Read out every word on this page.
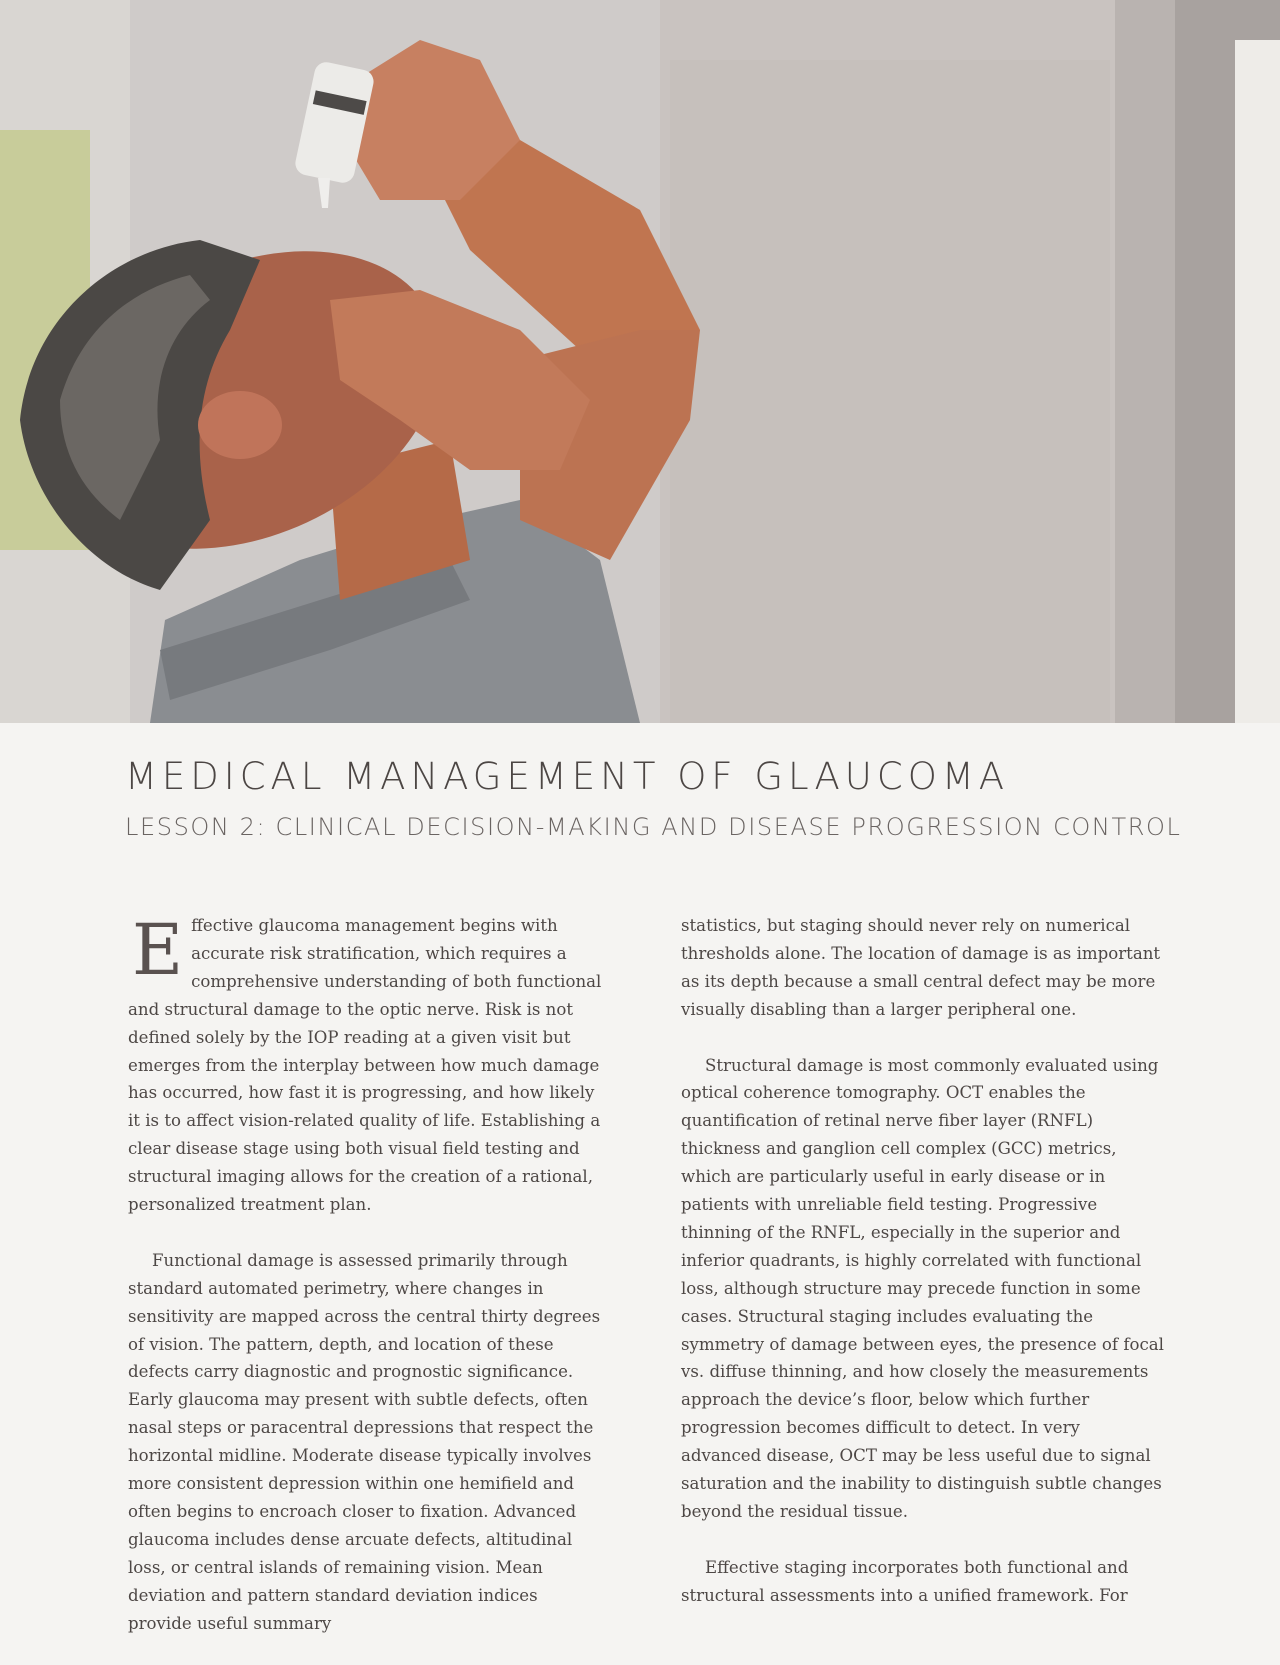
MEDICAL MANAGEMENT OF GLAUCOMA
LESSON 2: CLINICAL DECISION-MAKING AND DISEASE PROGRESSION CONTROL

Effective glaucoma management begins with accurate risk stratification, which requires a comprehensive understanding of both functional and structural damage to the optic nerve. Risk is not defined solely by the IOP reading at a given visit but emerges from the interplay between how much damage has occurred, how fast it is progressing, and how likely it is to affect vision-related quality of life. Establishing a clear disease stage using both visual field testing and structural imaging allows for the creation of a rational, personalized treatment plan.

Functional damage is assessed primarily through standard automated perimetry, where changes in sensitivity are mapped across the central thirty degrees of vision. The pattern, depth, and location of these defects carry diagnostic and prognostic significance. Early glaucoma may present with subtle defects, often nasal steps or paracentral depressions that respect the horizontal midline. Moderate disease typically involves more consistent depression within one hemifield and often begins to encroach closer to fixation. Advanced glaucoma includes dense arcuate defects, altitudinal loss, or central islands of remaining vision. Mean deviation and pattern standard deviation indices provide useful summary

statistics, but staging should never rely on numerical thresholds alone. The location of damage is as important as its depth because a small central defect may be more visually disabling than a larger peripheral one.

Structural damage is most commonly evaluated using optical coherence tomography. OCT enables the quantification of retinal nerve fiber layer (RNFL) thickness and ganglion cell complex (GCC) metrics, which are particularly useful in early disease or in patients with unreliable field testing. Progressive thinning of the RNFL, especially in the superior and inferior quadrants, is highly correlated with functional loss, although structure may precede function in some cases. Structural staging includes evaluating the symmetry of damage between eyes, the presence of focal vs. diffuse thinning, and how closely the measurements approach the device’s floor, below which further progression becomes difficult to detect. In very advanced disease, OCT may be less useful due to signal saturation and the inability to distinguish subtle changes beyond the residual tissue.

Effective staging incorporates both functional and structural assessments into a unified framework. For
